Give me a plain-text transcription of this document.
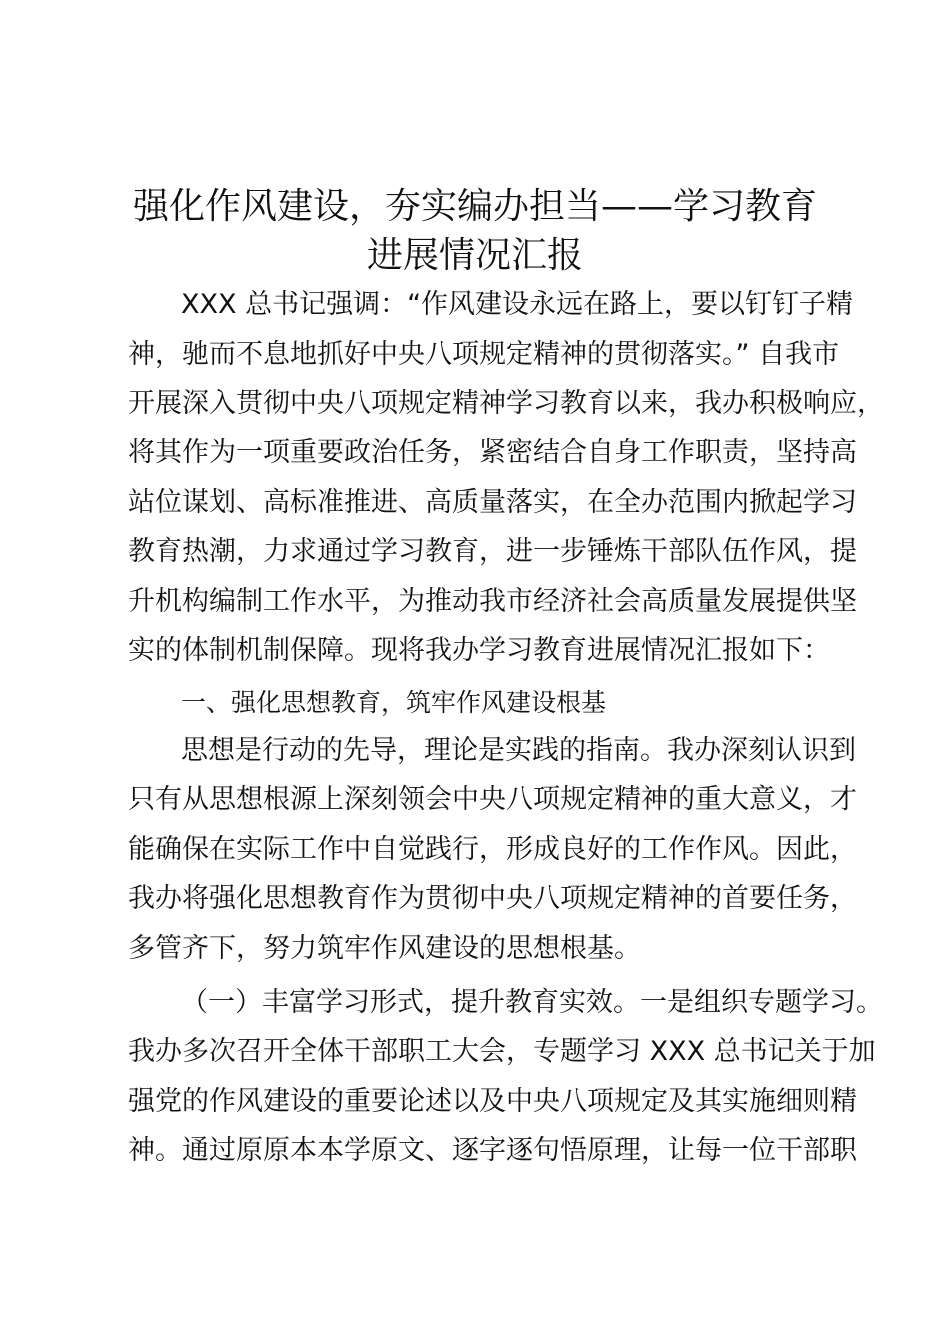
强化作风建设，夯实编办担当——学习教育
进展情况汇报
XXX 总书记强调：“作风建设永远在路上，要以钉钉子精
神，驰而不息地抓好中央八项规定精神的贯彻落实。” 自我市
开展深入贯彻中央八项规定精神学习教育以来，我办积极响应，
将其作为一项重要政治任务，紧密结合自身工作职责，坚持高
站位谋划、高标准推进、高质量落实，在全办范围内掀起学习
教育热潮，力求通过学习教育，进一步锤炼干部队伍作风，提
升机构编制工作水平，为推动我市经济社会高质量发展提供坚
实的体制机制保障。现将我办学习教育进展情况汇报如下：
一、强化思想教育，筑牢作风建设根基
思想是行动的先导，理论是实践的指南。我办深刻认识到
只有从思想根源上深刻领会中央八项规定精神的重大意义，才
能确保在实际工作中自觉践行，形成良好的工作作风。因此，
我办将强化思想教育作为贯彻中央八项规定精神的首要任务，
多管齐下，努力筑牢作风建设的思想根基。
（一）丰富学习形式，提升教育实效。一是组织专题学习。
我办多次召开全体干部职工大会，专题学习 XXX 总书记关于加
强党的作风建设的重要论述以及中央八项规定及其实施细则精
神。通过原原本本学原文、逐字逐句悟原理，让每一位干部职
